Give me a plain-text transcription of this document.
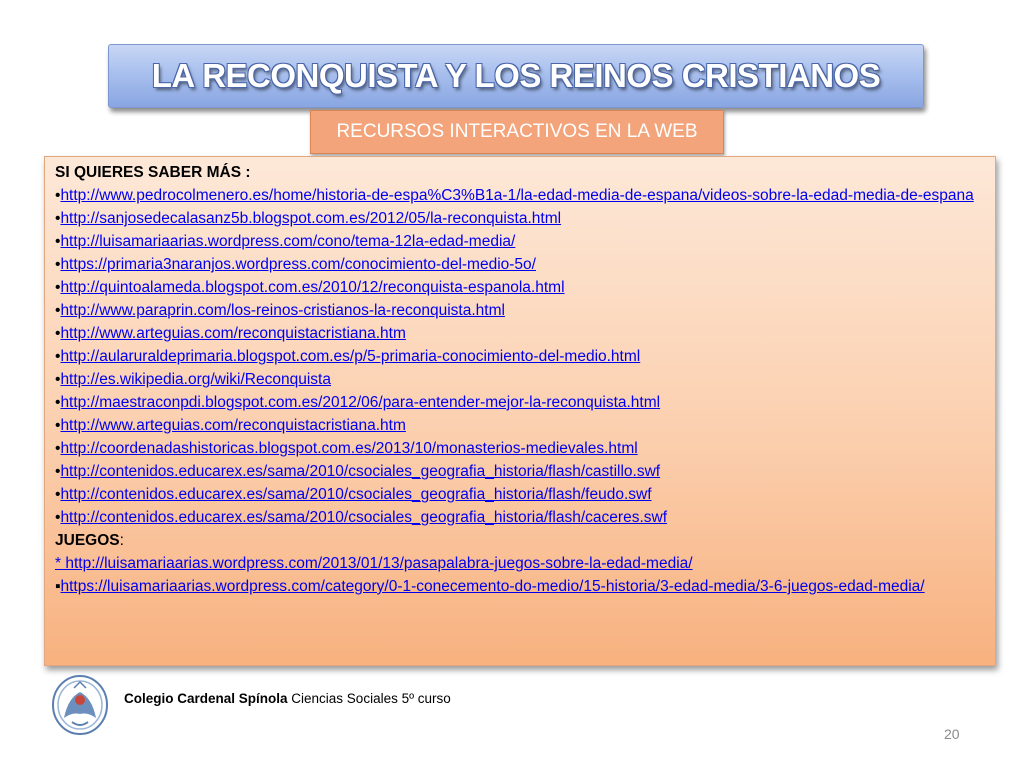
LA RECONQUISTA Y LOS REINOS CRISTIANOS
RECURSOS INTERACTIVOS EN LA WEB

SI QUIERES SABER MÁS :

•http://www.pedrocolmenero.es/home/historia-de-espa%C3%B1a-1/la-edad-media-de-espana/videos-sobre-la-edad-media-de-espana

•http://sanjosedecalasanz5b.blogspot.com.es/2012/05/la-reconquista.html

•http://luisamariaarias.wordpress.com/cono/tema-12la-edad-media/

•https://primaria3naranjos.wordpress.com/conocimiento-del-medio-5o/

•http://quintoalameda.blogspot.com.es/2010/12/reconquista-espanola.html

•http://www.paraprin.com/los-reinos-cristianos-la-reconquista.html

•http://www.arteguias.com/reconquistacristiana.htm

•http://aularuraldeprimaria.blogspot.com.es/p/5-primaria-conocimiento-del-medio.html

•http://es.wikipedia.org/wiki/Reconquista

•http://maestraconpdi.blogspot.com.es/2012/06/para-entender-mejor-la-reconquista.html

•http://www.arteguias.com/reconquistacristiana.htm

•http://coordenadashistoricas.blogspot.com.es/2013/10/monasterios-medievales.html

•http://contenidos.educarex.es/sama/2010/csociales_geografia_historia/flash/castillo.swf

•http://contenidos.educarex.es/sama/2010/csociales_geografia_historia/flash/feudo.swf

•http://contenidos.educarex.es/sama/2010/csociales_geografia_historia/flash/caceres.swf

JUEGOS:

* http://luisamariaarias.wordpress.com/2013/01/13/pasapalabra-juegos-sobre-la-edad-media/

▪https://luisamariaarias.wordpress.com/category/0-1-conecemento-do-medio/15-historia/3-edad-media/3-6-juegos-edad-media/

Colegio Cardenal Spínola Ciencias Sociales 5º curso
20
